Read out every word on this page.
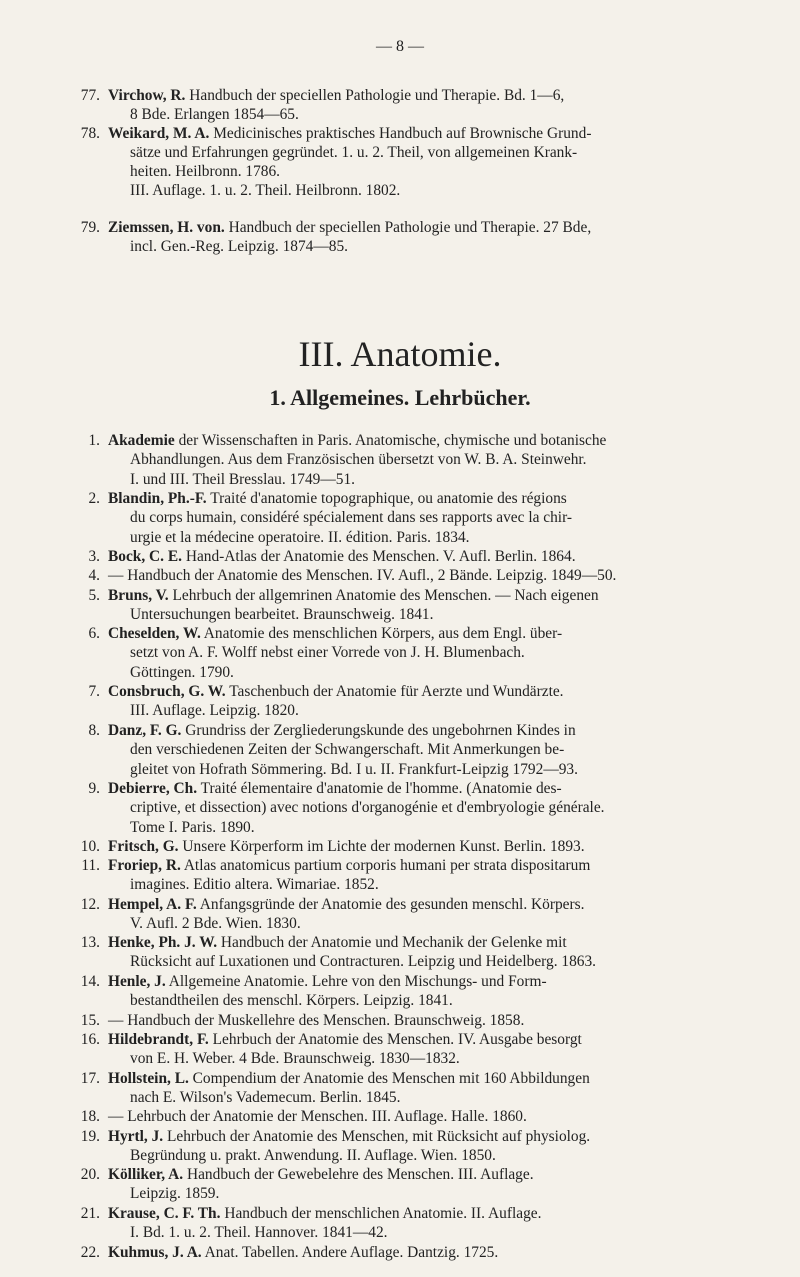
— 8 —
77. Virchow, R. Handbuch der speciellen Pathologie und Therapie. Bd. 1—6,
8 Bde. Erlangen 1854—65.
78. Weikard, M. A. Medicinisches praktisches Handbuch auf Brownische Grund-
sätze und Erfahrungen gegründet. 1. u. 2. Theil, von allgemeinen Krank-
heiten. Heilbronn. 1786.
III. Auflage. 1. u. 2. Theil. Heilbronn. 1802.
79. Ziemssen, H. von. Handbuch der speciellen Pathologie und Therapie. 27 Bde,
incl. Gen.-Reg. Leipzig. 1874—85.
III. Anatomie.
1. Allgemeines. Lehrbücher.
1. Akademie der Wissenschaften in Paris. Anatomische, chymische und botanische
Abhandlungen. Aus dem Französischen übersetzt von W. B. A. Steinwehr.
I. und III. Theil Bresslau. 1749—51.
2. Blandin, Ph.-F. Traité d'anatomie topographique, ou anatomie des régions
du corps humain, considéré spécialement dans ses rapports avec la chir-
urgie et la médecine operatoire. II. édition. Paris. 1834.
3. Bock, C. E. Hand-Atlas der Anatomie des Menschen. V. Aufl. Berlin. 1864.
4. — Handbuch der Anatomie des Menschen. IV. Aufl., 2 Bände. Leipzig. 1849—50.
5. Bruns, V. Lehrbuch der allgemrinen Anatomie des Menschen. — Nach eigenen
Untersuchungen bearbeitet. Braunschweig. 1841.
6. Cheselden, W. Anatomie des menschlichen Körpers, aus dem Engl. über-
setzt von A. F. Wolff nebst einer Vorrede von J. H. Blumenbach.
Göttingen. 1790.
7. Consbruch, G. W. Taschenbuch der Anatomie für Aerzte und Wundärzte.
III. Auflage. Leipzig. 1820.
8. Danz, F. G. Grundriss der Zergliederungskunde des ungebohrnen Kindes in
den verschiedenen Zeiten der Schwangerschaft. Mit Anmerkungen be-
gleitet von Hofrath Sömmering. Bd. I u. II. Frankfurt-Leipzig 1792—93.
9. Debierre, Ch. Traité élementaire d'anatomie de l'homme. (Anatomie des-
criptive, et dissection) avec notions d'organogénie et d'embryologie générale.
Tome I. Paris. 1890.
10. Fritsch, G. Unsere Körperform im Lichte der modernen Kunst. Berlin. 1893.
11. Froriep, R. Atlas anatomicus partium corporis humani per strata dispositarum
imagines. Editio altera. Wimariae. 1852.
12. Hempel, A. F. Anfangsgründe der Anatomie des gesunden menschl. Körpers.
V. Aufl. 2 Bde. Wien. 1830.
13. Henke, Ph. J. W. Handbuch der Anatomie und Mechanik der Gelenke mit
Rücksicht auf Luxationen und Contracturen. Leipzig und Heidelberg. 1863.
14. Henle, J. Allgemeine Anatomie. Lehre von den Mischungs- und Form-
bestandtheilen des menschl. Körpers. Leipzig. 1841.
15. — Handbuch der Muskellehre des Menschen. Braunschweig. 1858.
16. Hildebrandt, F. Lehrbuch der Anatomie des Menschen. IV. Ausgabe besorgt
von E. H. Weber. 4 Bde. Braunschweig. 1830—1832.
17. Hollstein, L. Compendium der Anatomie des Menschen mit 160 Abbildungen
nach E. Wilson's Vademecum. Berlin. 1845.
18. — Lehrbuch der Anatomie der Menschen. III. Auflage. Halle. 1860.
19. Hyrtl, J. Lehrbuch der Anatomie des Menschen, mit Rücksicht auf physiolog.
Begründung u. prakt. Anwendung. II. Auflage. Wien. 1850.
20. Kölliker, A. Handbuch der Gewebelehre des Menschen. III. Auflage.
Leipzig. 1859.
21. Krause, C. F. Th. Handbuch der menschlichen Anatomie. II. Auflage.
I. Bd. 1. u. 2. Theil. Hannover. 1841—42.
22. Kuhmus, J. A. Anat. Tabellen. Andere Auflage. Dantzig. 1725.
